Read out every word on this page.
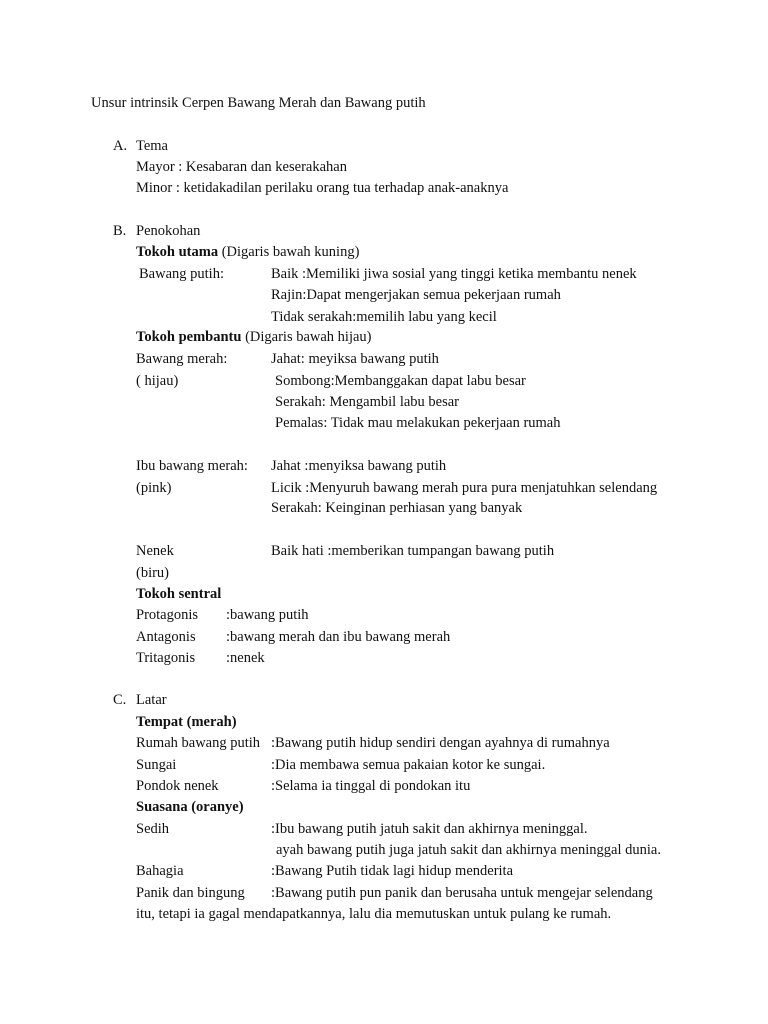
Unsur intrinsik Cerpen Bawang Merah dan Bawang putih
A. Tema
Mayor : Kesabaran dan keserakahan
Minor : ketidakadilan perilaku orang tua terhadap anak-anaknya
B. Penokohan
Tokoh utama (Digaris bawah kuning)
Bawang putih:	Baik :Memiliki jiwa sosial yang tinggi ketika membantu nenek
Rajin:Dapat mengerjakan semua pekerjaan rumah
Tidak serakah:memilih labu yang kecil
Tokoh pembantu (Digaris bawah hijau)
Bawang merah:	Jahat: meyiksa bawang putih
( hijau)	Sombong:Membanggakan dapat labu besar
Serakah: Mengambil labu besar
Pemalas: Tidak mau melakukan pekerjaan rumah
Ibu bawang merah: Jahat :menyiksa bawang putih
(pink)	Licik :Menyuruh bawang merah pura pura menjatuhkan selendang
Serakah: Keinginan perhiasan yang banyak
Nenek	Baik hati :memberikan tumpangan bawang putih
(biru)
Tokoh sentral
Protagonis :bawang putih
Antagonis :bawang merah dan ibu bawang merah
Tritagonis :nenek
C. Latar
Tempat (merah)
Rumah bawang putih :Bawang putih hidup sendiri dengan ayahnya di rumahnya
Sungai	:Dia membawa semua pakaian kotor ke sungai.
Pondok nenek	:Selama ia tinggal di pondokan itu
Suasana (oranye)
Sedih	:Ibu bawang putih jatuh sakit dan akhirnya meninggal.
ayah bawang putih juga jatuh sakit dan akhirnya meninggal dunia.
Bahagia	:Bawang Putih tidak lagi hidup menderita
Panik dan bingung :Bawang putih pun panik dan berusaha untuk mengejar selendang
itu, tetapi ia gagal mendapatkannya, lalu dia memutuskan untuk pulang ke rumah.
